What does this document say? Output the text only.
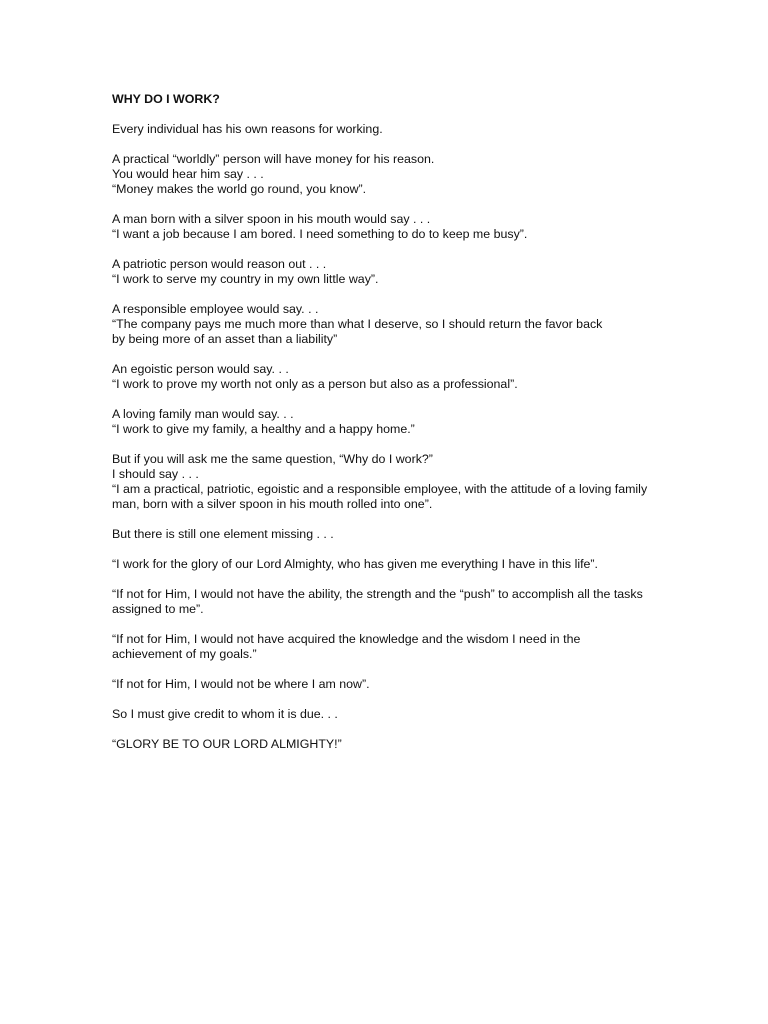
WHY DO I WORK?
Every individual has his own reasons for working.
A practical “worldly” person will have money for his reason.
You would hear him say . . .
“Money makes the world go round, you know”.
A man born with a silver spoon in his mouth would say . . .
“I want a job because I am bored. I need something to do to keep me busy”.
A patriotic person would reason out . . .
“I work to serve my country in my own little way”.
A responsible employee would say. . .
“The company pays me much more than what I deserve, so I should return the favor back
by being more of an asset than a liability”
An egoistic person would say. . .
“I work to prove my worth not only as a person but also as a professional”.
A loving family man would say. . .
“I work to give my family, a healthy and a happy home.”
But if you will ask me the same question, “Why do I work?”
I should say . . .
“I am a practical, patriotic, egoistic and a responsible employee, with the attitude of a loving family
man, born with a silver spoon in his mouth rolled into one”.
But there is still one element missing . . .
“I work for the glory of our Lord Almighty, who has given me everything I have in this life”.
“If not for Him, I would not have the ability, the strength and the “push” to accomplish all the tasks
assigned to me”.
“If not for Him, I would not have acquired the knowledge and the wisdom I need in the
achievement of my goals.”
“If not for Him, I would not be where I am now”.
So I must give credit to whom it is due. . .
“GLORY BE TO OUR LORD ALMIGHTY!”
